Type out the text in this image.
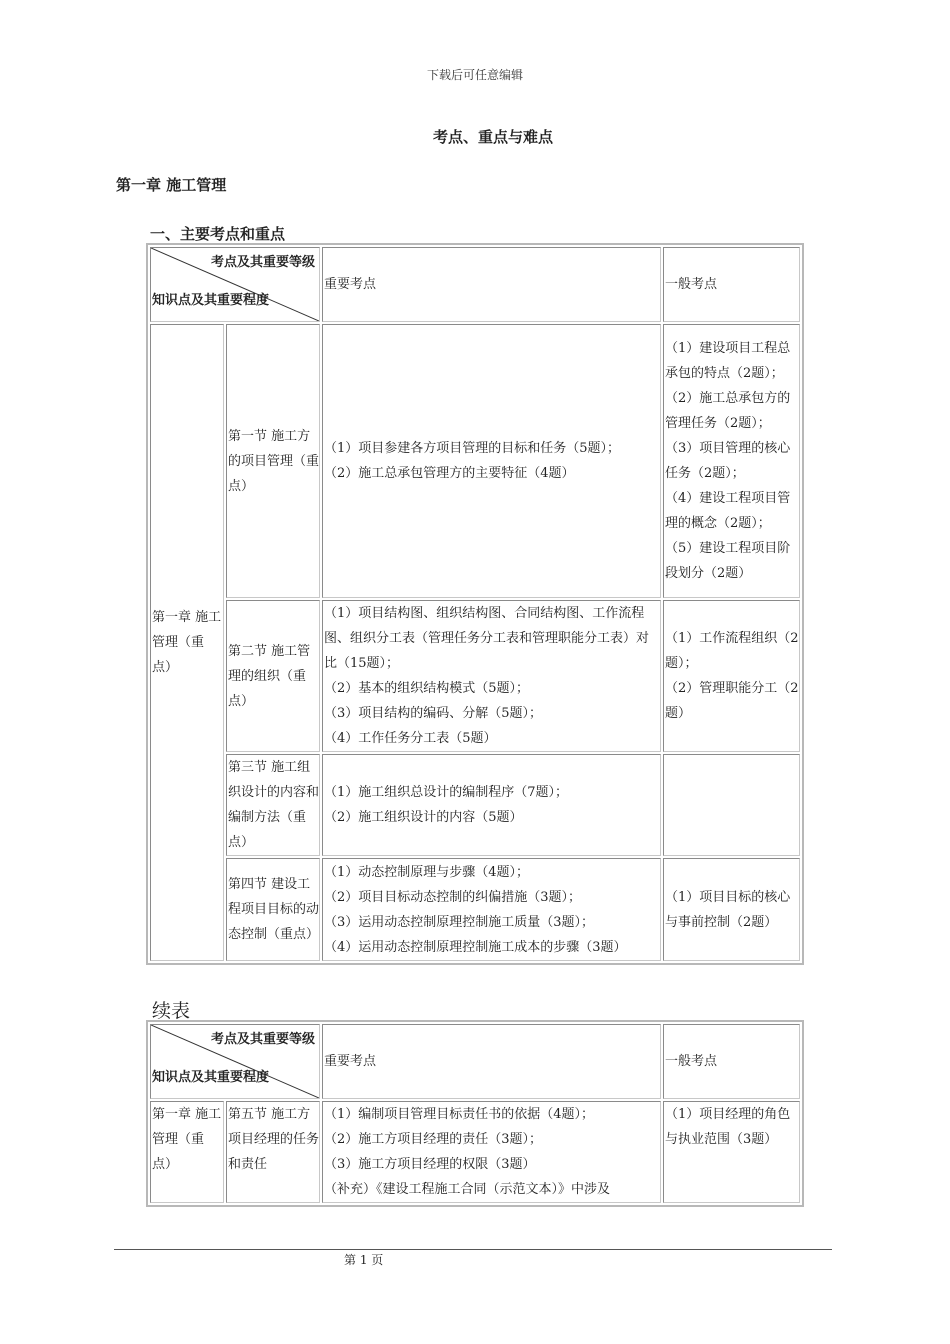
下载后可任意编辑
考点、重点与难点
第一章 施工管理
一、主要考点和重点
考点及其重要等级
知识点及其重要程度		重要考点	一般考点
第一章 施工管理（重点）	第一节 施工方的项目管理（重点）	（1）项目参建各方项目管理的目标和任务（5题）；
（2）施工总承包管理方的主要特征（4题）	（1）建设项目工程总承包的特点（2题）；
（2）施工总承包方的管理任务（2题）；
（3）项目管理的核心任务（2题）；
（4）建设工程项目管理的概念（2题）；
（5）建设工程项目阶段划分（2题）

	第二节 施工管理的组织（重点）	（1）项目结构图、组织结构图、合同结构图、工作流程图、组织分工表（管理任务分工表和管理职能分工表）对比（15题）；
（2）基本的组织结构模式（5题）；
（3）项目结构的编码、分解（5题）；
（4）工作任务分工表（5题）	（1）工作流程组织（2题）；
（2）管理职能分工（2题）

	第三节 施工组织设计的内容和编制方法（重点）	（1）施工组织总设计的编制程序（7题）；
（2）施工组织设计的内容（5题）	

	第四节 建设工程项目目标的动态控制（重点）	（1）动态控制原理与步骤（4题）；
（2）项目目标动态控制的纠偏措施（3题）；
（3）运用动态控制原理控制施工质量（3题）；
（4）运用动态控制原理控制施工成本的步骤（3题）	（1）项目目标的核心与事前控制（2题）
续表
考点及其重要等级
知识点及其重要程度		重要考点	一般考点
第一章 施工管理（重点）	第五节 施工方项目经理的任务和责任	（1）编制项目管理目标责任书的依据（4题）；
（2）施工方项目经理的责任（3题）；
（3）施工方项目经理的权限（3题）
（补充）《建设工程施工合同（示范文本）》中涉及	（1）项目经理的角色与执业范围（3题）
第 1 页
